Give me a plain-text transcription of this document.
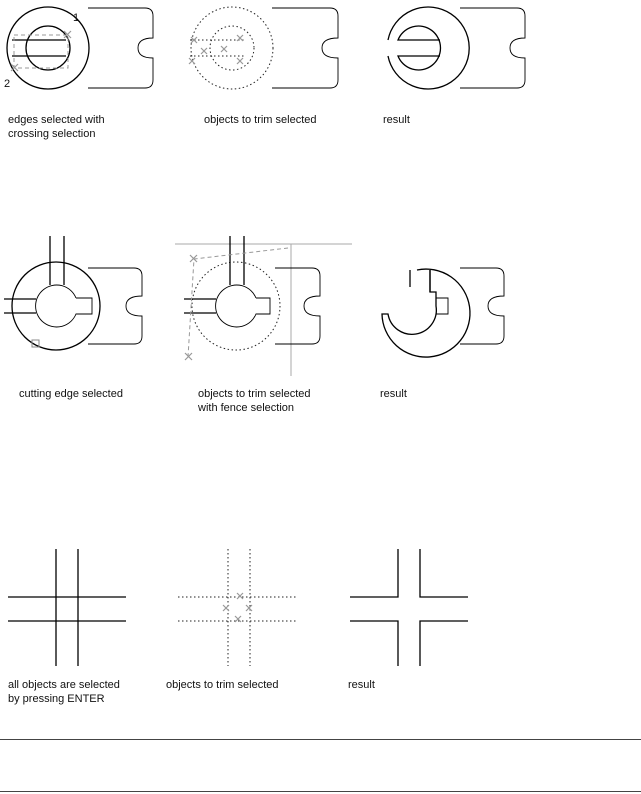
1
2
edges selected with
crossing selection
objects to trim selected	result
cutting edge selected	objects to trim selected
with fence selection
result
all objects are selected
by pressing ENTER
objects to trim selected	result
